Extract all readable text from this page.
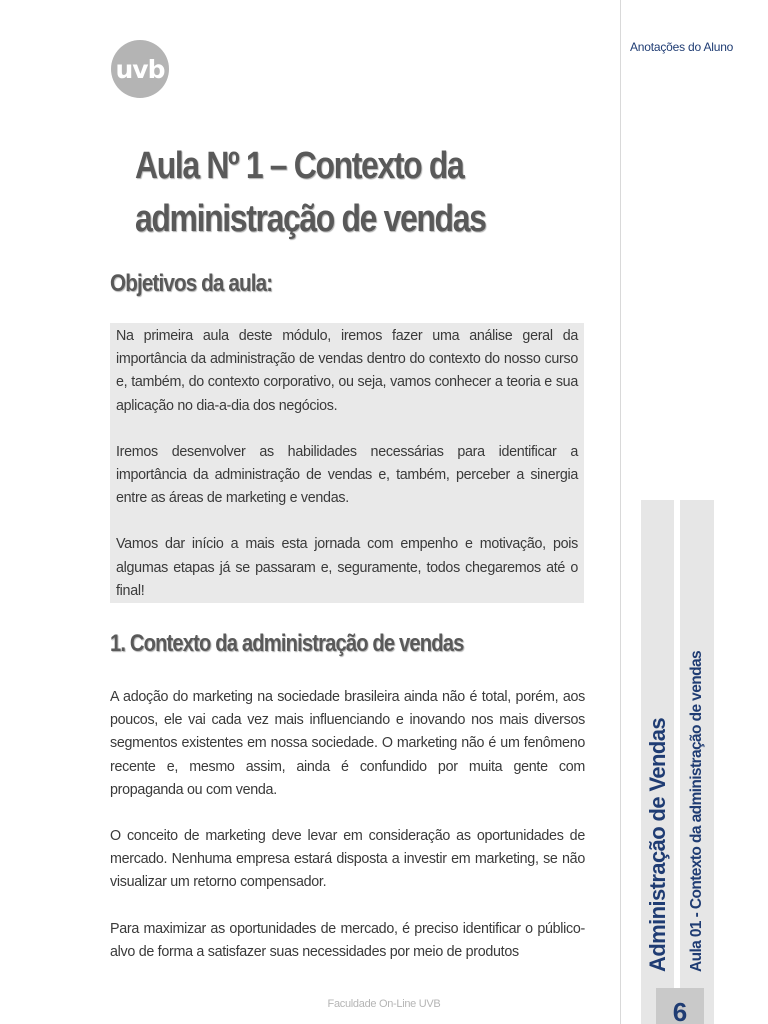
uvb
Anotações do Aluno
Aula Nº 1 – Contexto da administração de vendas
Objetivos da aula:

Na primeira aula deste módulo, iremos fazer uma análise geral da importância da administração de vendas dentro do contexto do nosso curso e, também, do contexto corporativo, ou seja, vamos conhecer a teoria e sua aplicação no dia-a-dia dos negócios.

Iremos desenvolver as habilidades necessárias para identificar a importância da administração de vendas e, também, perceber a sinergia entre as áreas de marketing e vendas.

Vamos dar início a mais esta jornada com empenho e motivação, pois algumas etapas já se passaram e, seguramente, todos chegaremos até o final!

1. Contexto da administração de vendas

A adoção do marketing na sociedade brasileira ainda não é total, porém, aos poucos, ele vai cada vez mais influenciando e inovando nos mais diversos segmentos existentes em nossa sociedade. O marketing não é um fenômeno recente e, mesmo assim, ainda é confundido por muita gente com propaganda ou com venda.

O conceito de marketing deve levar em consideração as oportunidades de mercado. Nenhuma empresa estará disposta a investir em marketing, se não visualizar um retorno compensador.

Para maximizar as oportunidades de mercado, é preciso identificar o público-alvo de forma a satisfazer suas necessidades por meio de produtos

Faculdade On-Line UVB
Administração de Vendas Aula 01 - Contexto da administração de vendas
6
